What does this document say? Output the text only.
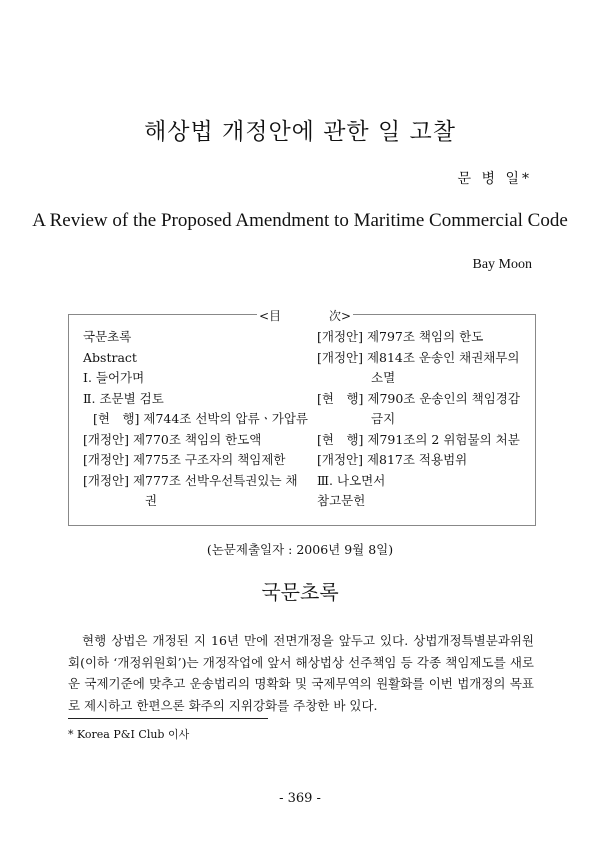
해상법 개정안에 관한 일 고찰
문 병 일*
A Review of the Proposed Amendment to Maritime Commercial Code
Bay Moon
<目	次>
국문초록
Abstract
Ⅰ. 들어가며
Ⅱ. 조문별 검토
[현　행] 제744조 선박의 압류ㆍ가압류
[개정안] 제770조 책임의 한도액
[개정안] 제775조 구조자의 책임제한
[개정안] 제777조 선박우선특권있는 채
권
[개정안] 제797조 책임의 한도
[개정안] 제814조 운송인 채권채무의
소멸
[현　행] 제790조 운송인의 책임경감
금지
[현　행] 제791조의 2 위험물의 처분
[개정안] 제817조 적용범위
Ⅲ. 나오면서
참고문헌
(논문제출일자 : 2006년 9월 8일)
국문초록

현행 상법은 개정된 지 16년 만에 전면개정을 앞두고 있다. 상법개정특별분과위원회(이하 ‘개정위원회’)는 개정작업에 앞서 해상법상 선주책임 등 각종 책임제도를 새로운 국제기준에 맞추고 운송법리의 명확화 및 국제무역의 원활화를 이번 법개정의 목표로 제시하고 한편으론 화주의 지위강화를 주창한 바 있다.

* Korea P&I Club 이사
- 369 -
